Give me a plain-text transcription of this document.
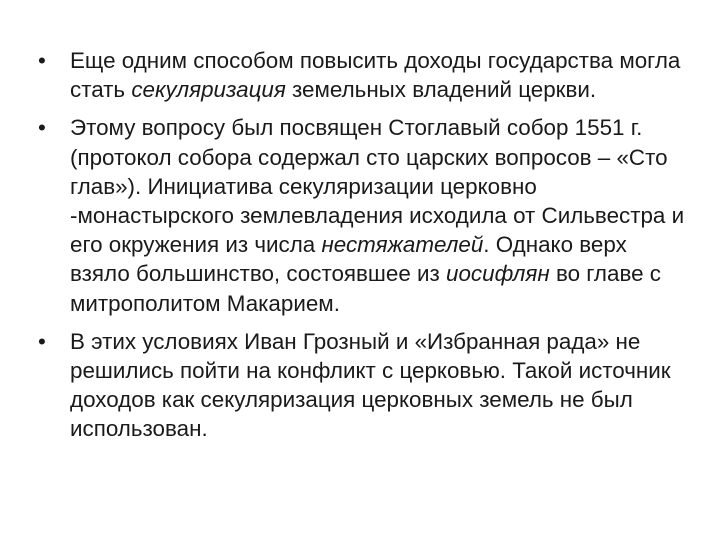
•	Еще одним способом повысить доходы государства могла стать секуляризация земельных владений церкви.
•	Этому вопросу был посвящен Стоглавый собор 1551 г. (протокол собора содержал сто царских вопросов – «Сто глав»). Инициатива секуляризации церковно -монастырского землевладения исходила от Сильвестра и его окружения из числа нестяжателей. Однако верх взяло большинство, состоявшее из иосифлян во главе с митрополитом Макарием.
•	В этих условиях Иван Грозный и «Избранная рада» не решились пойти на конфликт с церковью. Такой источник доходов как секуляризация церковных земель не был использован.
